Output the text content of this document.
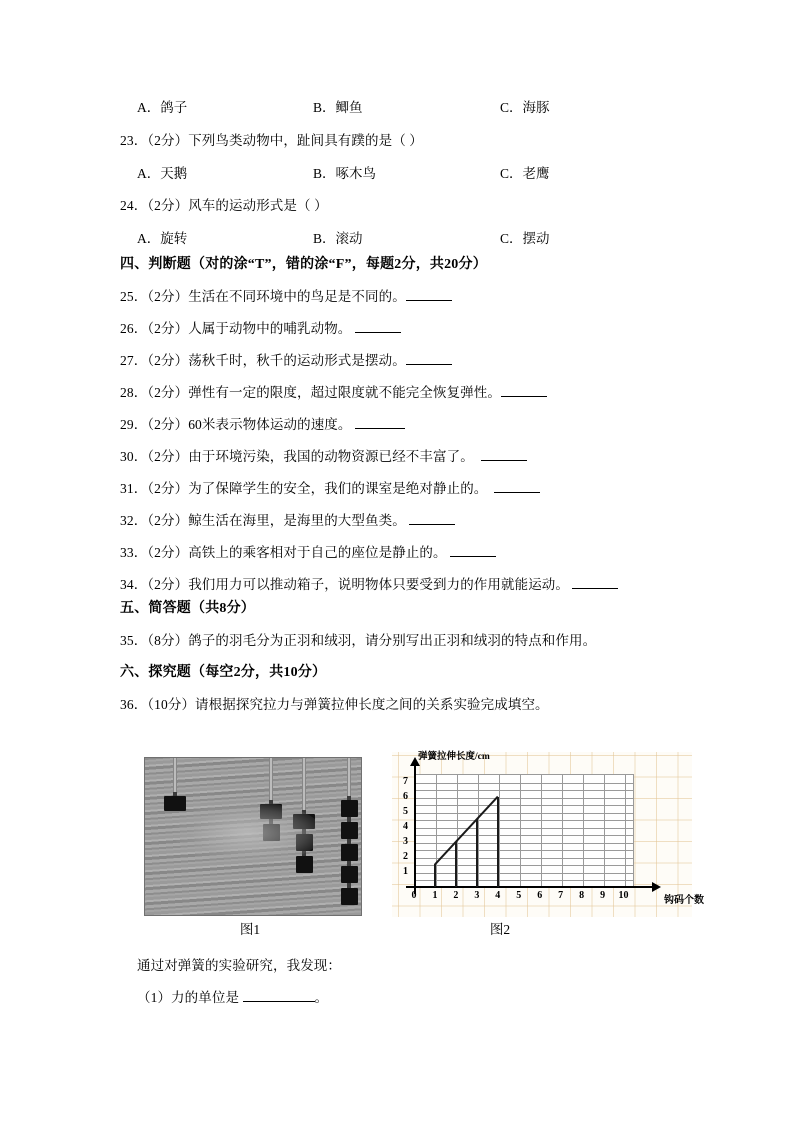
A．鸽子	B．鲫鱼	C．海豚
23．（2分）下列鸟类动物中，趾间具有蹼的是（ ）
A．天鹅	B．啄木鸟	C．老鹰
24．（2分）风车的运动形式是（ ）
A．旋转	B．滚动	C．摆动
四、判断题（对的涂“T”，错的涂“F”，每题2分，共20分）
25．（2分）生活在不同环境中的鸟足是不同的。
26．（2分）人属于动物中的哺乳动物。
27．（2分）荡秋千时，秋千的运动形式是摆动。
28．（2分）弹性有一定的限度，超过限度就不能完全恢复弹性。
29．（2分）60米表示物体运动的速度。
30．（2分）由于环境污染，我国的动物资源已经不丰富了。
31．（2分）为了保障学生的安全，我们的课室是绝对静止的。
32．（2分）鲸生活在海里，是海里的大型鱼类。
33．（2分）高铁上的乘客相对于自己的座位是静止的。
34．（2分）我们用力可以推动箱子，说明物体只要受到力的作用就能运动。
五、简答题（共8分）
35．（8分）鸽子的羽毛分为正羽和绒羽，请分别写出正羽和绒羽的特点和作用。
六、探究题（每空2分，共10分）
36．（10分）请根据探究拉力与弹簧拉伸长度之间的关系实验完成填空。
图1
弹簧拉伸长度/cm
钩码个数
1
2
3
4
5
6
7
0	1	2	3	4	5	6	7	8	9	10
图2
通过对弹簧的实验研究，我发现：
（1）力的单位是	。
